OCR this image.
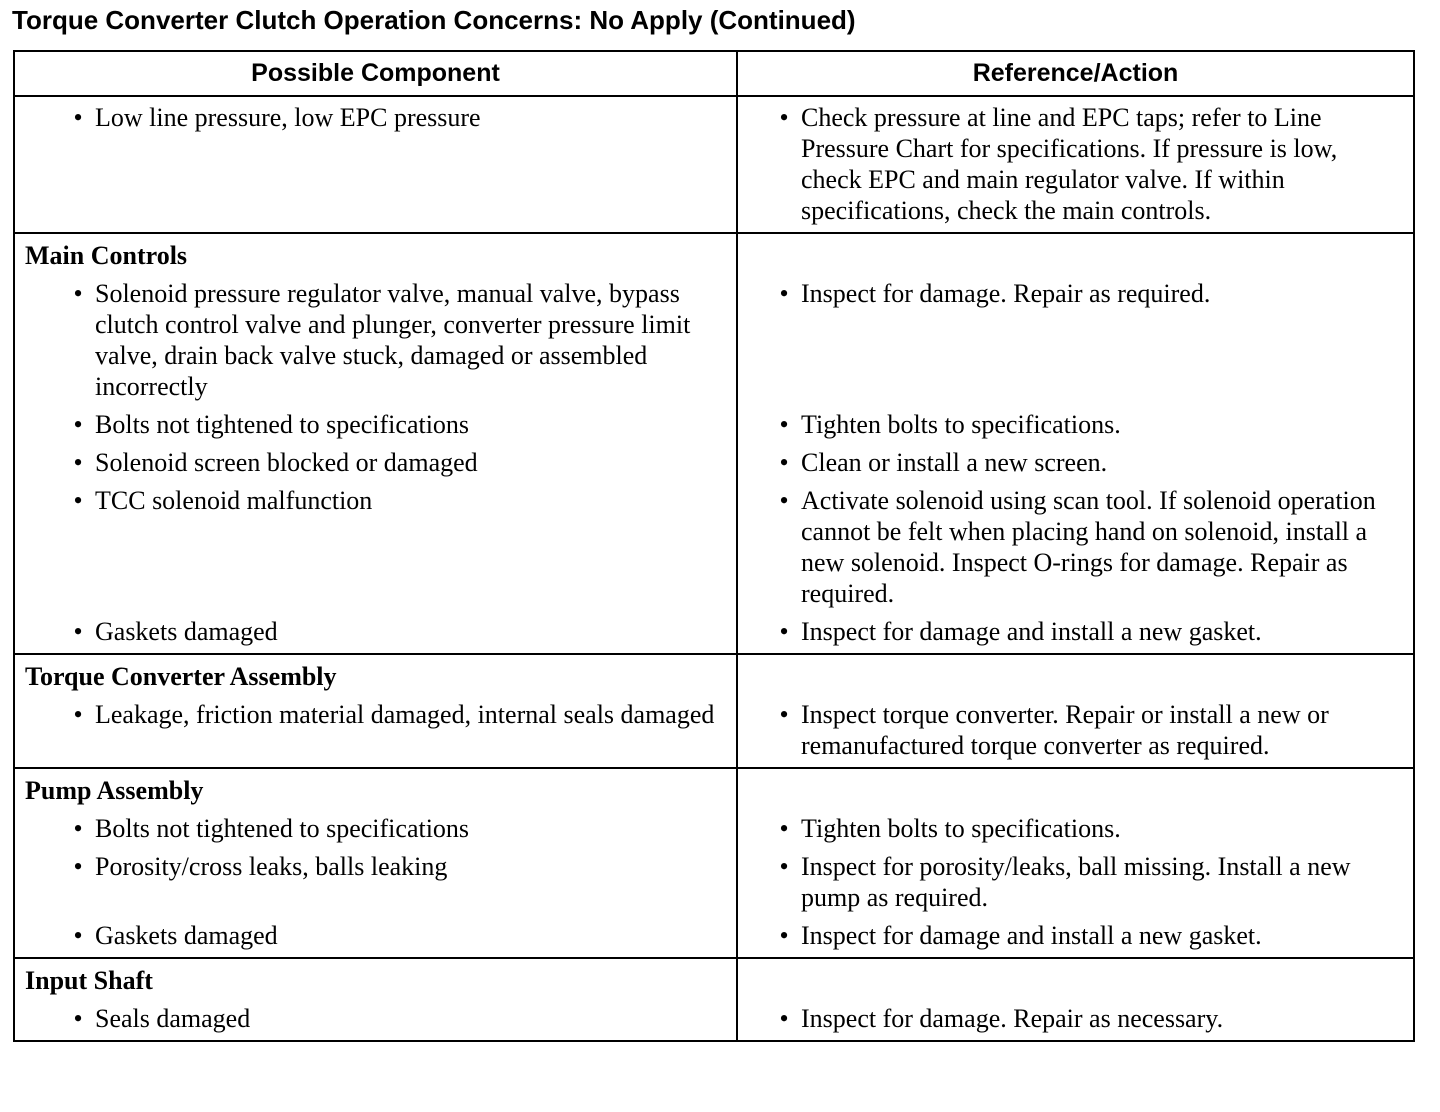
Torque Converter Clutch Operation Concerns: No Apply (Continued)
Possible Component	Reference/Action

• Low line pressure, low EPC pressure	• Check pressure at line and EPC taps; refer to Line Pressure Chart for specifications. If pressure is low, check EPC and main regulator valve. If within specifications, check the main controls.

Main Controls	

• Solenoid pressure regulator valve, manual valve, bypass clutch control valve and plunger, converter pressure limit valve, drain back valve stuck, damaged or assembled incorrectly	• Inspect for damage. Repair as required.

• Bolts not tightened to specifications	• Tighten bolts to specifications.

• Solenoid screen blocked or damaged	• Clean or install a new screen.

• TCC solenoid malfunction	• Activate solenoid using scan tool. If solenoid operation cannot be felt when placing hand on solenoid, install a new solenoid. Inspect O-rings for damage. Repair as required.

• Gaskets damaged	• Inspect for damage and install a new gasket.

Torque Converter Assembly	

• Leakage, friction material damaged, internal seals damaged	• Inspect torque converter. Repair or install a new or remanufactured torque converter as required.

Pump Assembly	

• Bolts not tightened to specifications	• Tighten bolts to specifications.

• Porosity/cross leaks, balls leaking	• Inspect for porosity/leaks, ball missing. Install a new pump as required.

• Gaskets damaged	• Inspect for damage and install a new gasket.

Input Shaft	

• Seals damaged	• Inspect for damage. Repair as necessary.
